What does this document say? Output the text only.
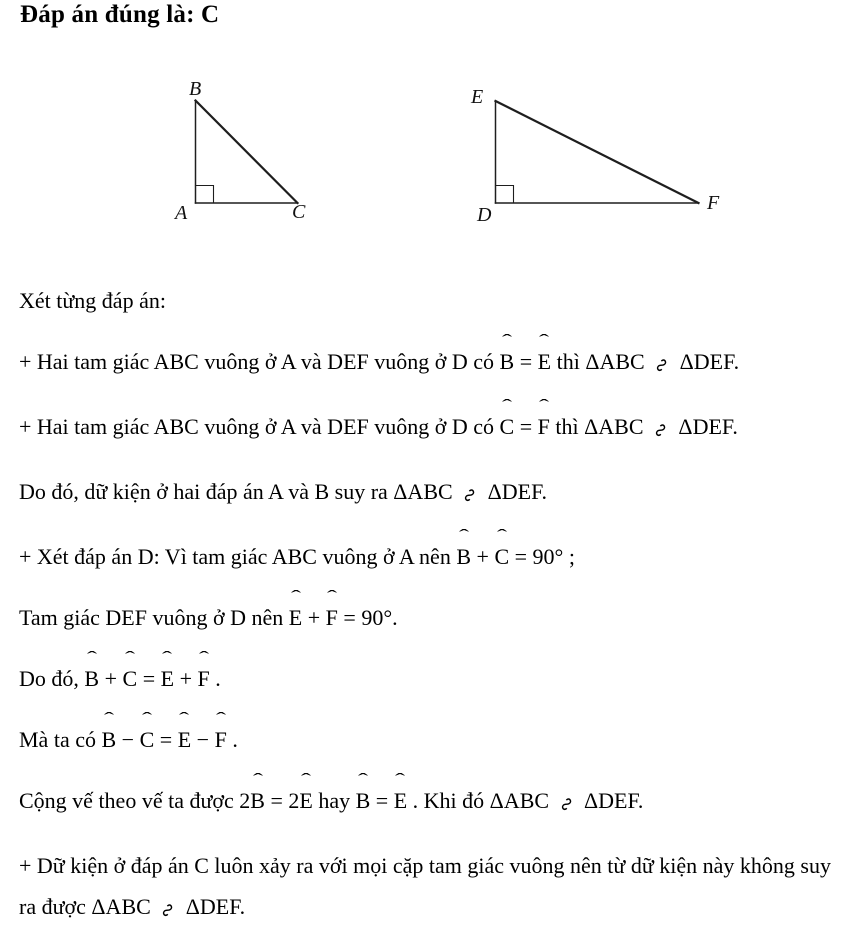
Đáp án đúng là: C
B
A	C
E
D
F

Xét từng đáp án:

+ Hai tam giác ABC vuông ở A và DEF vuông ở D có
ˆ
B =
ˆ
E thì ΔABC ∾ ΔDEF.

+ Hai tam giác ABC vuông ở A và DEF vuông ở D có
ˆ
C =
ˆ
F thì ΔABC ∾ ΔDEF.

Do đó, dữ kiện ở hai đáp án A và B suy ra ΔABC ∾ ΔDEF.

+ Xét đáp án D: Vì tam giác ABC vuông ở A nên
ˆ
B +
ˆ
C = 90° ;

Tam giác DEF vuông ở D nên
ˆ
E +
ˆ
F = 90°.

Do đó,
ˆ
B +
ˆ
C =
ˆ
E +
ˆ
F .

Mà ta có
ˆ
B −
ˆ
C =
ˆ
E −
ˆ
F .

Cộng vế theo vế ta được 2
ˆ
B = 2
ˆ
E hay
ˆ
B =
ˆ
E . Khi đó ΔABC ∾ ΔDEF.

+ Dữ kiện ở đáp án C luôn xảy ra với mọi cặp tam giác vuông nên từ dữ kiện này không suy ra được ΔABC ∾ ΔDEF.
